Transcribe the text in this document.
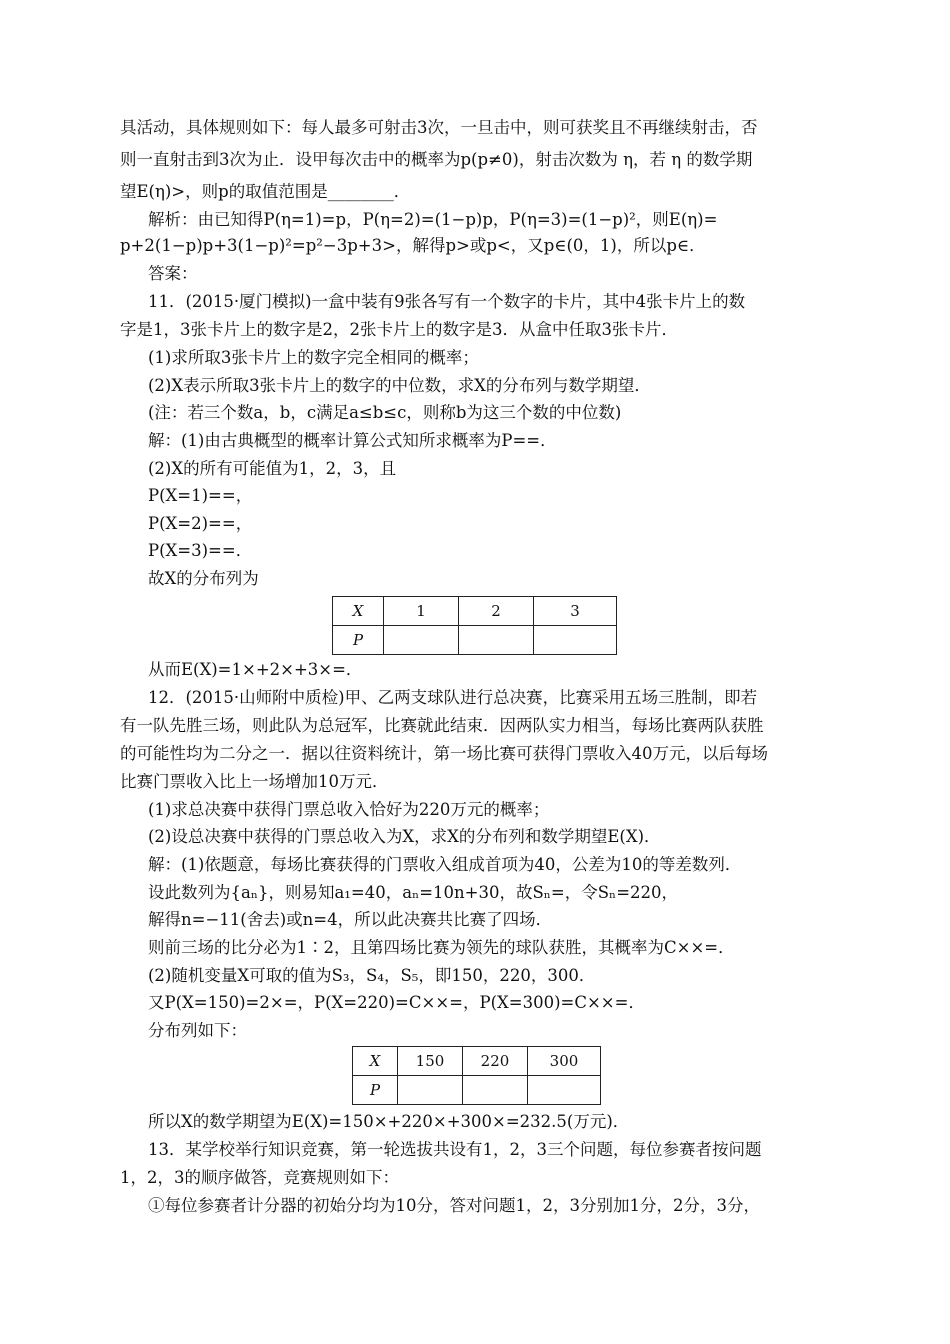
具活动，具体规则如下：每人最多可射击3次，一旦击中，则可获奖且不再继续射击，否
则一直射击到3次为止．设甲每次击中的概率为p(p≠0)，射击次数为 η，若 η 的数学期
望E(η)>，则p的取值范围是________．
解析：由已知得P(η=1)=p，P(η=2)=(1−p)p，P(η=3)=(1−p)²，则E(η)=
p+2(1−p)p+3(1−p)²=p²−3p+3>，解得p>或p<，又p∈(0，1)，所以p∈．
答案：
11．(2015·厦门模拟)一盒中装有9张各写有一个数字的卡片，其中4张卡片上的数
字是1，3张卡片上的数字是2，2张卡片上的数字是3．从盒中任取3张卡片．
(1)求所取3张卡片上的数字完全相同的概率；
(2)X表示所取3张卡片上的数字的中位数，求X的分布列与数学期望．
(注：若三个数a，b，c满足a≤b≤c，则称b为这三个数的中位数)
解：(1)由古典概型的概率计算公式知所求概率为P==．
(2)X的所有可能值为1，2，3，且
P(X=1)==，
P(X=2)==，
P(X=3)==．
故X的分布列为
X	1	2	3
P			
从而E(X)=1×+2×+3×=．
12．(2015·山师附中质检)甲、乙两支球队进行总决赛，比赛采用五场三胜制，即若
有一队先胜三场，则此队为总冠军，比赛就此结束．因两队实力相当，每场比赛两队获胜
的可能性均为二分之一．据以往资料统计，第一场比赛可获得门票收入40万元，以后每场
比赛门票收入比上一场增加10万元．
(1)求总决赛中获得门票总收入恰好为220万元的概率；
(2)设总决赛中获得的门票总收入为X，求X的分布列和数学期望E(X)．
解：(1)依题意，每场比赛获得的门票收入组成首项为40，公差为10的等差数列．
设此数列为{aₙ}，则易知a₁=40，aₙ=10n+30，故Sₙ=，令Sₙ=220，
解得n=−11(舍去)或n=4，所以此决赛共比赛了四场．
则前三场的比分必为1∶2，且第四场比赛为领先的球队获胜，其概率为C××=．
(2)随机变量X可取的值为S₃，S₄，S₅，即150，220，300．
又P(X=150)=2×=，P(X=220)=C××=，P(X=300)=C××=．
分布列如下：
X	150	220	300
P			
所以X的数学期望为E(X)=150×+220×+300×=232.5(万元)．
13．某学校举行知识竞赛，第一轮选拔共设有1，2，3三个问题，每位参赛者按问题
1，2，3的顺序做答，竞赛规则如下：
①每位参赛者计分器的初始分均为10分，答对问题1，2，3分别加1分，2分，3分，
